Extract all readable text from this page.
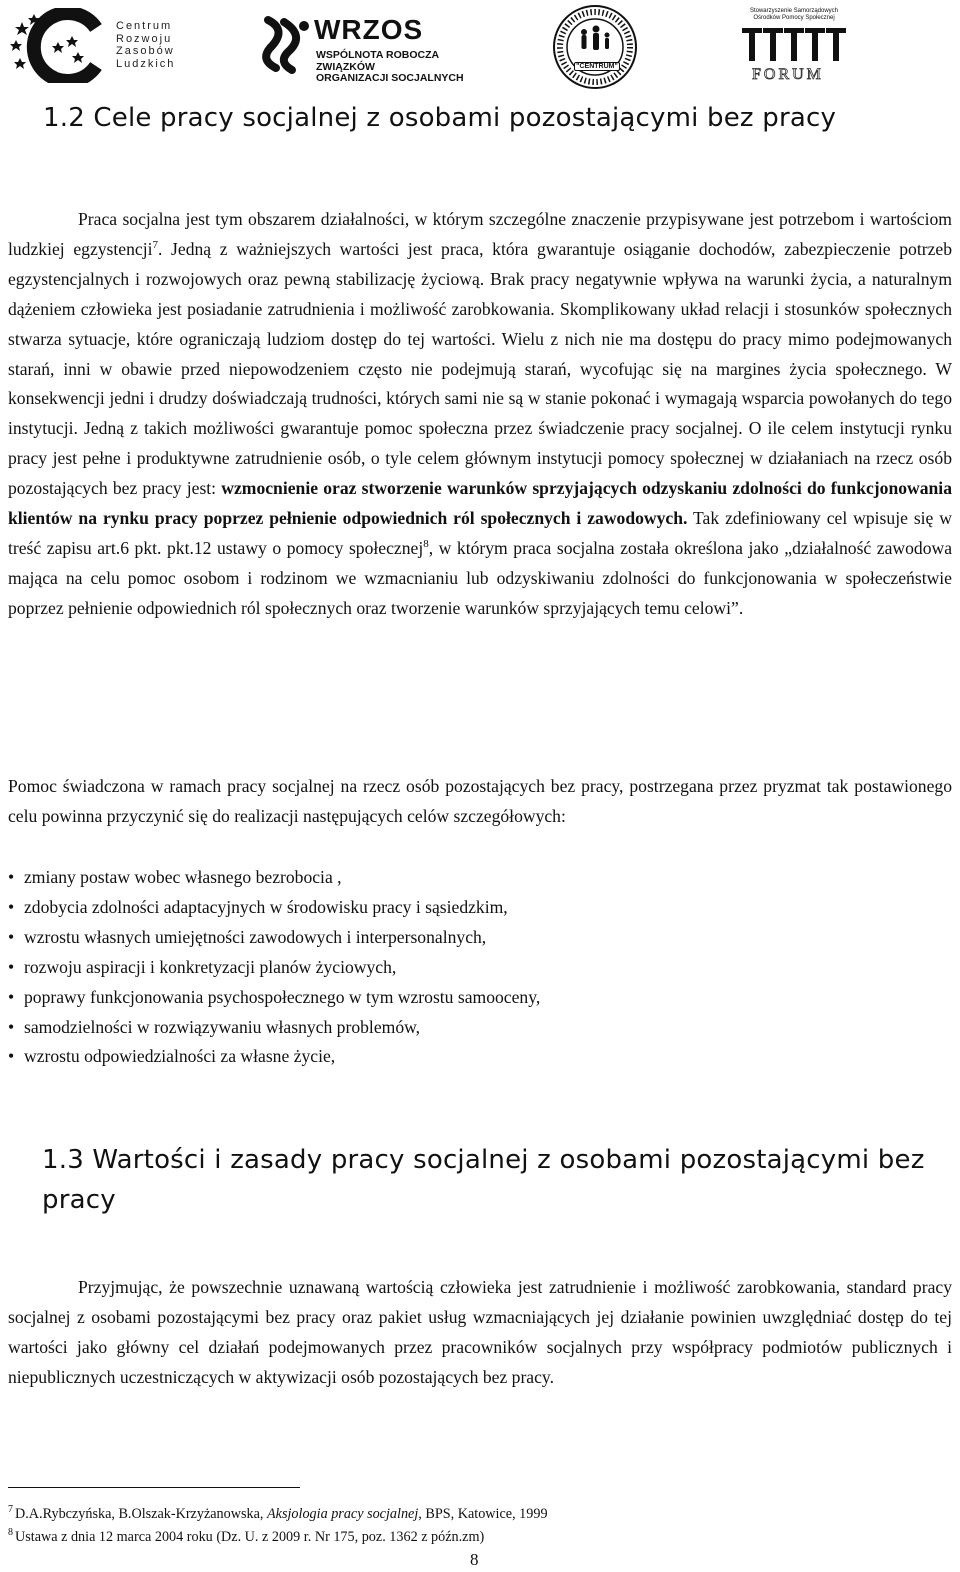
Centrum
Rozwoju
Zasobów
Ludzkich
WRZOS
WSPÓLNOTA ROBOCZA ZWIĄZKÓW
ORGANIZACJI SOCJALNYCH
"CENTRUM"
Stowarzyszenie Samorządowych
Ośrodków Pomocy Społecznej
FORUM
1.2 Cele pracy socjalnej z osobami pozostającymi bez pracy

Praca socjalna jest tym obszarem działalności, w którym szczególne znaczenie przypisywane jest potrzebom i wartościom ludzkiej egzystencji$^7$. Jedną z ważniejszych wartości jest praca, która gwarantuje osiąganie dochodów, zabezpieczenie potrzeb egzystencjalnych i rozwojowych oraz pewną stabilizację życiową. Brak pracy negatywnie wpływa na warunki życia, a naturalnym dążeniem człowieka jest posiadanie zatrudnienia i możliwość zarobkowania. Skomplikowany układ relacji i stosunków społecznych stwarza sytuacje, które ograniczają ludziom dostęp do tej wartości. Wielu z nich nie ma dostępu do pracy mimo podejmowanych starań, inni w obawie przed niepowodzeniem często nie podejmują starań, wycofując się na margines życia społecznego. W konsekwencji jedni i drudzy doświadczają trudności, których sami nie są w stanie pokonać i wymagają wsparcia powołanych do tego instytucji. Jedną z takich możliwości gwarantuje pomoc społeczna przez świadczenie pracy socjalnej. O ile celem instytucji rynku pracy jest pełne i produktywne zatrudnienie osób, o tyle celem głównym instytucji pomocy społecznej w działaniach na rzecz osób pozostających bez pracy jest: wzmocnienie oraz stworzenie warunków sprzyjających odzyskaniu zdolności do funkcjonowania klientów na rynku pracy poprzez pełnienie odpowiednich ról społecznych i zawodowych. Tak zdefiniowany cel wpisuje się w treść zapisu art.6 pkt. pkt.12 ustawy o pomocy społecznej$^8$, w którym praca socjalna została określona jako „działalność zawodowa mająca na celu pomoc osobom i rodzinom we wzmacnianiu lub odzyskiwaniu zdolności do funkcjonowania w społeczeństwie poprzez pełnienie odpowiednich ról społecznych oraz tworzenie warunków sprzyjających temu celowi”.

Pomoc świadczona w ramach pracy socjalnej na rzecz osób pozostających bez pracy, postrzegana przez pryzmat tak postawionego celu powinna przyczynić się do realizacji następujących celów szczegółowych:

• zmiany postaw wobec własnego bezrobocia ,
• zdobycia zdolności adaptacyjnych w środowisku pracy i sąsiedzkim,
• wzrostu własnych umiejętności zawodowych i interpersonalnych,
• rozwoju aspiracji i konkretyzacji planów życiowych,
• poprawy funkcjonowania psychospołecznego w tym wzrostu samooceny,
• samodzielności w rozwiązywaniu własnych problemów,
• wzrostu odpowiedzialności za własne życie,
1.3 Wartości i zasady pracy socjalnej z osobami pozostającymi bez pracy

Przyjmując, że powszechnie uznawaną wartością człowieka jest zatrudnienie i możliwość zarobkowania, standard pracy socjalnej z osobami pozostającymi bez pracy oraz pakiet usług wzmacniających jej działanie powinien uwzględniać dostęp do tej wartości jako główny cel działań podejmowanych przez pracowników socjalnych przy współpracy podmiotów publicznych i niepublicznych uczestniczących w aktywizacji osób pozostających bez pracy.

$^7$ D.A.Rybczyńska, B.Olszak-Krzyżanowska, Aksjologia pracy socjalnej, BPS, Katowice, 1999
$^8$ Ustawa z dnia 12 marca 2004 roku (Dz. U. z 2009 r. Nr 175, poz. 1362 z późn.zm)
8
